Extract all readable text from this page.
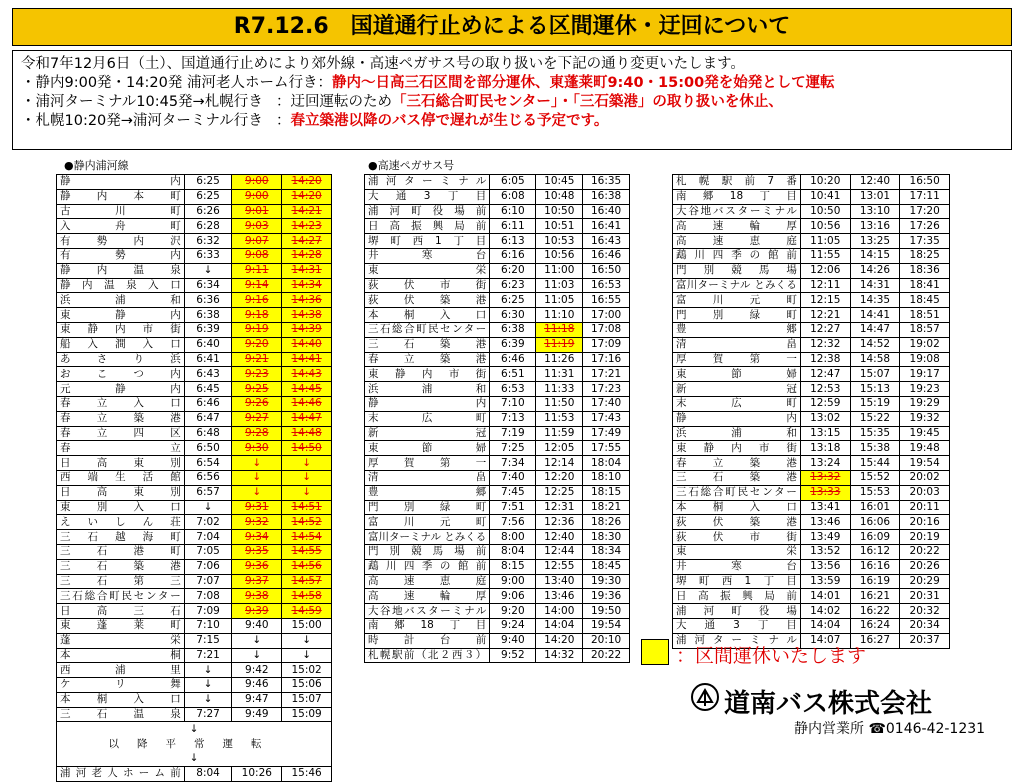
R7.12.6　国道通行止めによる区間運休・迂回について
令和7年12月6日（土）、国道通行止めにより郊外線・高速ペガサス号の取り扱いを下記の通り変更いたします。
・静内9:00発・14:20発 浦河老人ホーム行き：静内～日高三石区間を部分運休、東蓬莱町9:40・15:00発を始発として運転
・浦河ターミナル10:45発→札幌行き ：迂回運転のため「三石総合町民センター」・「三石築港」の取り扱いを休止、
・札幌10:20発→浦河ターミナル行き ：春立築港以降のバス停で遅れが生じる予定です。
●静内浦河線	●高速ペガサス号
静内	6:25	9:00	14:20
静内本町	6:25	9:00	14:20
古川町	6:26	9:01	14:21
入舟町	6:28	9:03	14:23
有勢内沢	6:32	9:07	14:27
有勢内	6:33	9:08	14:28
静内温泉	↓	9:11	14:31
静内温泉入口	6:34	9:14	14:34
浜浦和	6:36	9:16	14:36
東静内	6:38	9:18	14:38
東静内市街	6:39	9:19	14:39
船入澗入口	6:40	9:20	14:40
あさり浜	6:41	9:21	14:41
おこつ内	6:43	9:23	14:43
元静内	6:45	9:25	14:45
春立入口	6:46	9:26	14:46
春立築港	6:47	9:27	14:47
春立四区	6:48	9:28	14:48
春立	6:50	9:30	14:50
日高東別	6:54	↓	↓
西端生活館	6:56	↓	↓
日高東別	6:57	↓	↓
東別入口	↓	9:31	14:51
えいしん荘	7:02	9:32	14:52
三石越海町	7:04	9:34	14:54
三石港町	7:05	9:35	14:55
三石築港	7:06	9:36	14:56
三石第三	7:07	9:37	14:57
三石総合町民センター	7:08	9:38	14:58
日高三石	7:09	9:39	14:59
東蓬莱町	7:10	9:40	15:00
蓬栄	7:15	↓	↓
本桐	7:21	↓	↓
西浦里	↓	9:42	15:02
ケリ舞	↓	9:46	15:06
本桐入口	↓	9:47	15:07
三石温泉	7:27	9:49	15:09
↓			
以降平常運転			
↓			
浦河老人ホーム前	8:04	10:26	15:46
浦河ターミナル	6:05	10:45	16:35
大通3丁目	6:08	10:48	16:38
浦河町役場前	6:10	10:50	16:40
日高振興局前	6:11	10:51	16:41
堺町西1丁目	6:13	10:53	16:43
井寒台	6:16	10:56	16:46
東栄	6:20	11:00	16:50
荻伏市街	6:23	11:03	16:53
荻伏築港	6:25	11:05	16:55
本桐入口	6:30	11:10	17:00
三石総合町民センター	6:38	11:18	17:08
三石築港	6:39	11:19	17:09
春立築港	6:46	11:26	17:16
東静内市街	6:51	11:31	17:21
浜浦和	6:53	11:33	17:23
静内	7:10	11:50	17:40
末広町	7:13	11:53	17:43
新冠	7:19	11:59	17:49
東節婦	7:25	12:05	17:55
厚賀第一	7:34	12:14	18:04
清畠	7:40	12:20	18:10
豊郷	7:45	12:25	18:15
門別緑町	7:51	12:31	18:21
富川元町	7:56	12:36	18:26
富川ターミナル とみくる	8:00	12:40	18:30
門別競馬場前	8:04	12:44	18:34
鵡川四季の館前	8:15	12:55	18:45
高速恵庭	9:00	13:40	19:30
高速輪厚	9:06	13:46	19:36
大谷地バスターミナル	9:20	14:00	19:50
南郷18丁目	9:24	14:04	19:54
時計台前	9:40	14:20	20:10
札幌駅前（北２西３）	9:52	14:32	20:22
札幌駅前7番	10:20	12:40	16:50
南郷18丁目	10:41	13:01	17:11
大谷地バスターミナル	10:50	13:10	17:20
高速輪厚	10:56	13:16	17:26
高速恵庭	11:05	13:25	17:35
鵡川四季の館前	11:55	14:15	18:25
門別競馬場	12:06	14:26	18:36
富川ターミナル とみくる	12:11	14:31	18:41
富川元町	12:15	14:35	18:45
門別緑町	12:21	14:41	18:51
豊郷	12:27	14:47	18:57
清畠	12:32	14:52	19:02
厚賀第一	12:38	14:58	19:08
東節婦	12:47	15:07	19:17
新冠	12:53	15:13	19:23
末広町	12:59	15:19	19:29
静内	13:02	15:22	19:32
浜浦和	13:15	15:35	19:45
東静内市街	13:18	15:38	19:48
春立築港	13:24	15:44	19:54
三石築港	13:32	15:52	20:02
三石総合町民センター	13:33	15:53	20:03
本桐入口	13:41	16:01	20:11
荻伏築港	13:46	16:06	20:16
荻伏市街	13:49	16:09	20:19
東栄	13:52	16:12	20:22
井寒台	13:56	16:16	20:26
堺町西1丁目	13:59	16:19	20:29
日高振興局前	14:01	16:21	20:31
浦河町役場	14:02	16:22	20:32
大通3丁目	14:04	16:24	20:34
浦河ターミナル	14:07	16:27	20:37
：区間運休いたします
道南バス株式会社
静内営業所 ☎0146-42-1231
